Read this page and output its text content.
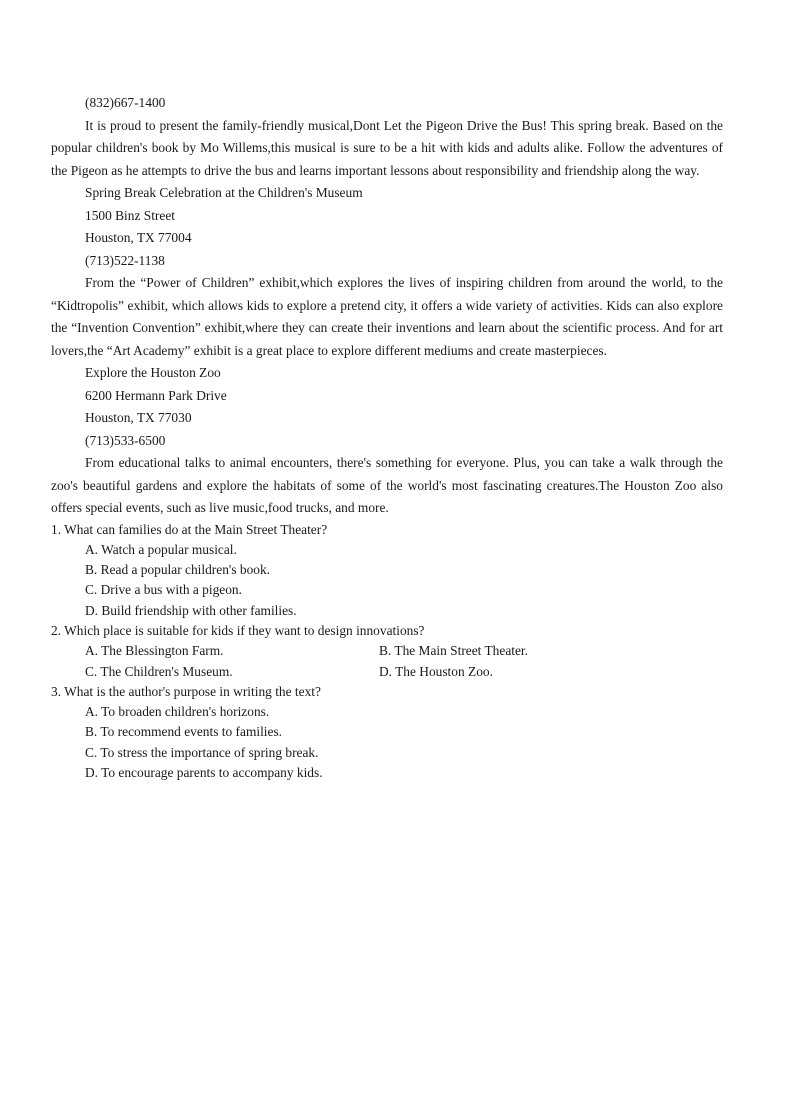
(832)667-1400

It is proud to present the family-friendly musical,Dont Let the Pigeon Drive the Bus! This spring break. Based on the popular children's book by Mo Willems,this musical is sure to be a hit with kids and adults alike. Follow the adventures of the Pigeon as he attempts to drive the bus and learns important lessons about responsibility and friendship along the way.

Spring Break Celebration at the Children's Museum
1500 Binz Street
Houston, TX 77004
(713)522-1138

From the “Power of Children” exhibit,which explores the lives of inspiring children from around the world, to the “Kidtropolis” exhibit, which allows kids to explore a pretend city, it offers a wide variety of activities. Kids can also explore the “Invention Convention” exhibit,where they can create their inventions and learn about the scientific process. And for art lovers,the “Art Academy” exhibit is a great place to explore different mediums and create masterpieces.

Explore the Houston Zoo
6200 Hermann Park Drive
Houston, TX 77030
(713)533-6500

From educational talks to animal encounters, there's something for everyone. Plus, you can take a walk through the zoo's beautiful gardens and explore the habitats of some of the world's most fascinating creatures.The Houston Zoo also offers special events, such as live music,food trucks, and more.

1. What can families do at the Main Street Theater?
A. Watch a popular musical.
B. Read a popular children's book.
C. Drive a bus with a pigeon.
D. Build friendship with other families.
2. Which place is suitable for kids if they want to design innovations?
A. The Blessington Farm.	B. The Main Street Theater.
C. The Children's Museum.	D. The Houston Zoo.
3. What is the author's purpose in writing the text?
A. To broaden children's horizons.
B. To recommend events to families.
C. To stress the importance of spring break.
D. To encourage parents to accompany kids.
